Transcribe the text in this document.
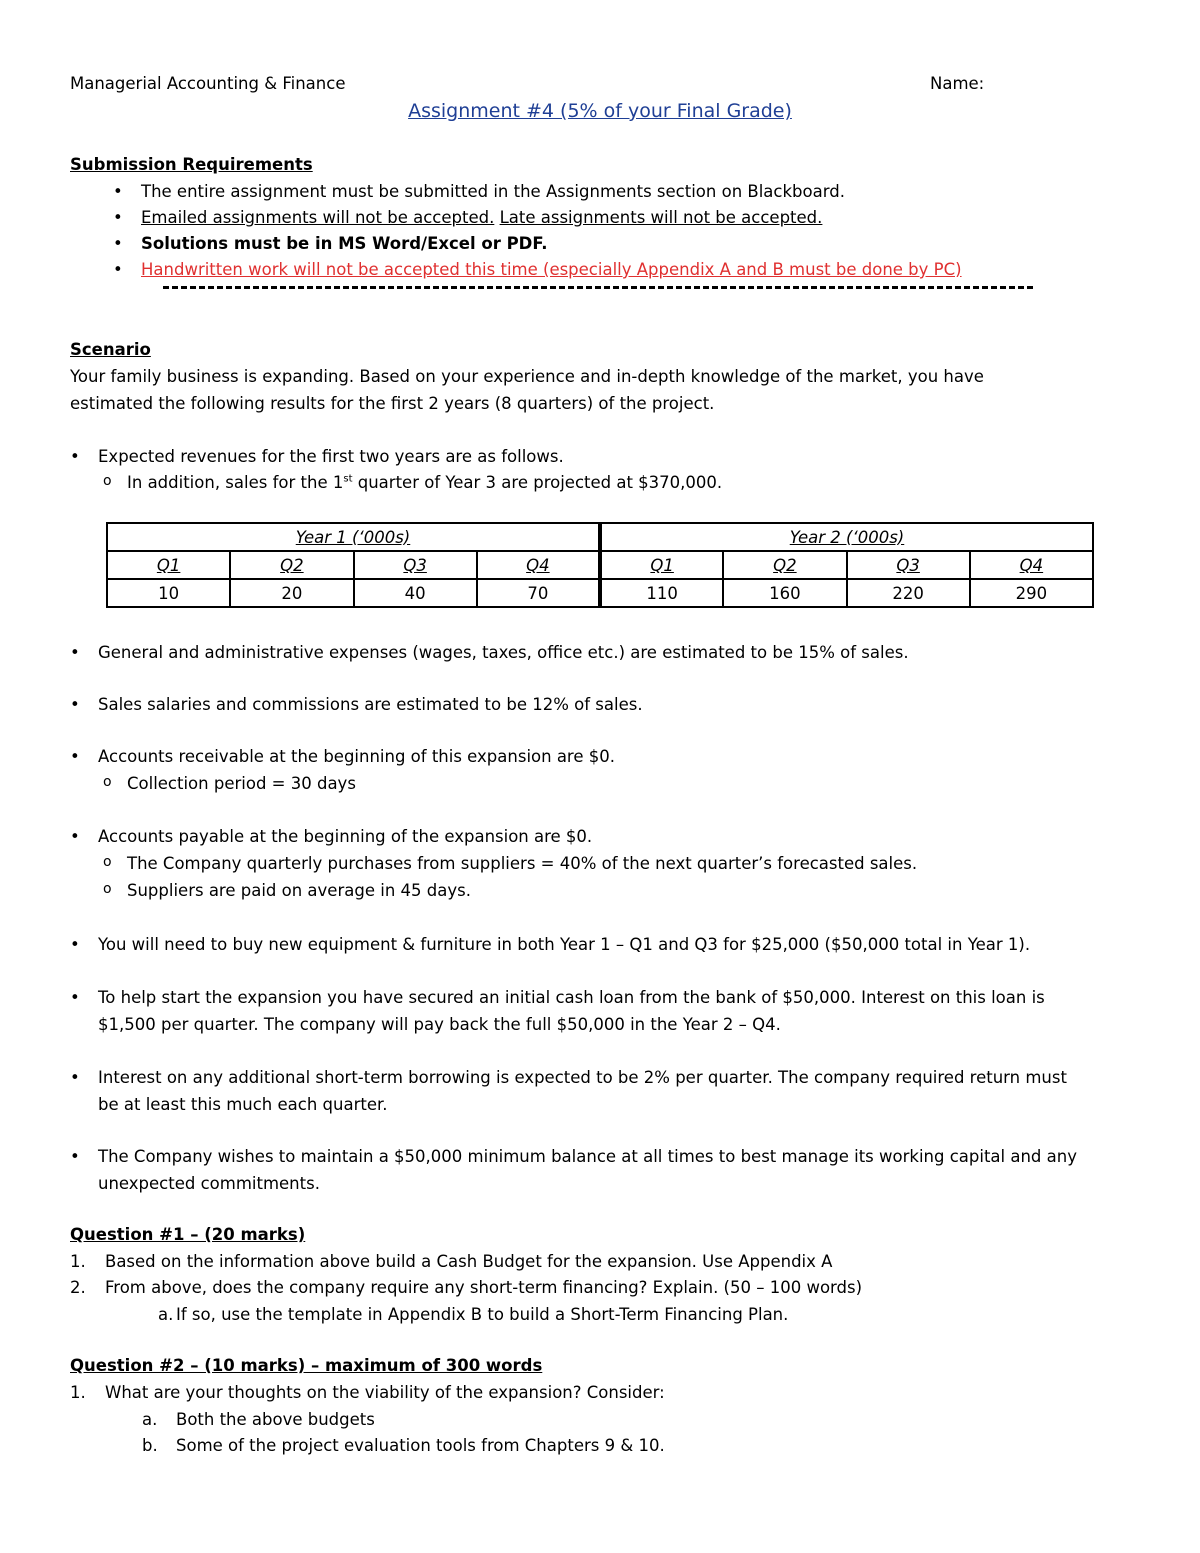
Managerial Accounting & Finance	Name:
Assignment #4 (5% of your Final Grade)
Submission Requirements
• The entire assignment must be submitted in the Assignments section on Blackboard.
• Emailed assignments will not be accepted. Late assignments will not be accepted.
• Solutions must be in MS Word/Excel or PDF.
• Handwritten work will not be accepted this time (especially Appendix A and B must be done by PC)
Scenario
Your family business is expanding. Based on your experience and in-depth knowledge of the market, you have
estimated the following results for the first 2 years (8 quarters) of the project.
• Expected revenues for the first two years are as follows.
o In addition, sales for the 1st quarter of Year 3 are projected at $370,000.
Year 1 (‘000s)				Year 2 (‘000s)			
Q1	Q2	Q3	Q4	Q1	Q2	Q3	Q4
10	20	40	70	110	160	220	290
• General and administrative expenses (wages, taxes, office etc.) are estimated to be 15% of sales.
• Sales salaries and commissions are estimated to be 12% of sales.
• Accounts receivable at the beginning of this expansion are $0.
o Collection period = 30 days
• Accounts payable at the beginning of the expansion are $0.
o The Company quarterly purchases from suppliers = 40% of the next quarter’s forecasted sales.
o Suppliers are paid on average in 45 days.
• You will need to buy new equipment & furniture in both Year 1 – Q1 and Q3 for $25,000 ($50,000 total in Year 1).
• To help start the expansion you have secured an initial cash loan from the bank of $50,000. Interest on this loan is
$1,500 per quarter. The company will pay back the full $50,000 in the Year 2 – Q4.
• Interest on any additional short-term borrowing is expected to be 2% per quarter. The company required return must
be at least this much each quarter.
• The Company wishes to maintain a $50,000 minimum balance at all times to best manage its working capital and any
unexpected commitments.
Question #1 – (20 marks)
1. Based on the information above build a Cash Budget for the expansion. Use Appendix A
2. From above, does the company require any short-term financing? Explain. (50 – 100 words)
a. If so, use the template in Appendix B to build a Short-Term Financing Plan.
Question #2 – (10 marks) – maximum of 300 words
1. What are your thoughts on the viability of the expansion? Consider:
a. Both the above budgets
b. Some of the project evaluation tools from Chapters 9 & 10.
